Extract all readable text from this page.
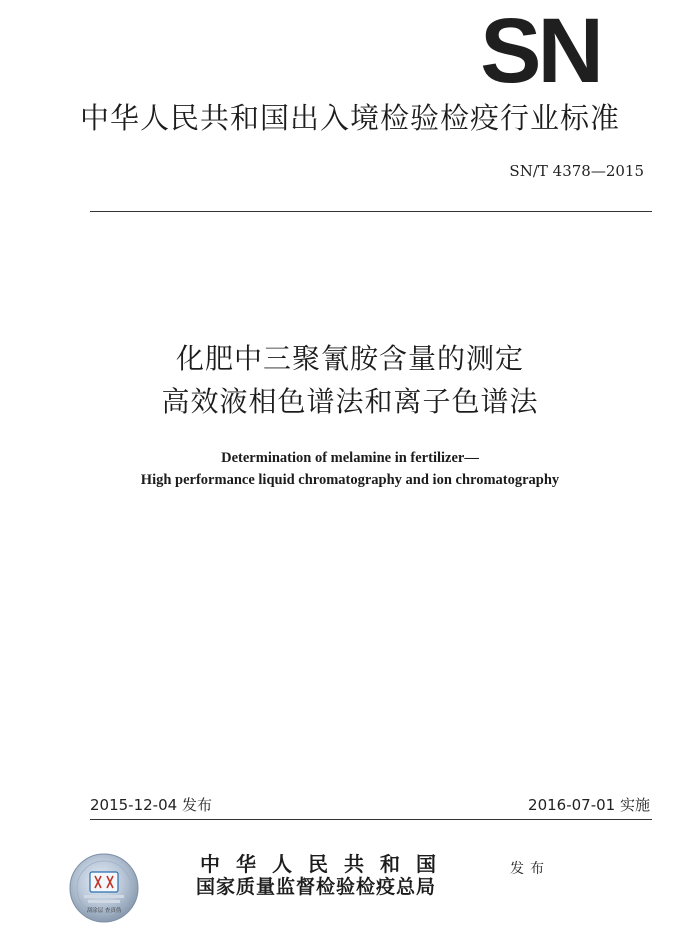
SN
中华人民共和国出入境检验检疫行业标准
SN/T 4378—2015
化肥中三聚氰胺含量的测定
高效液相色谱法和离子色谱法
Determination of melamine in fertilizer—
High performance liquid chromatography and ion chromatography
2015-12-04 发布	2016-07-01 实施
刮涂层 查真伪
中华人民共和国
国家质量监督检验检疫总局
发布
